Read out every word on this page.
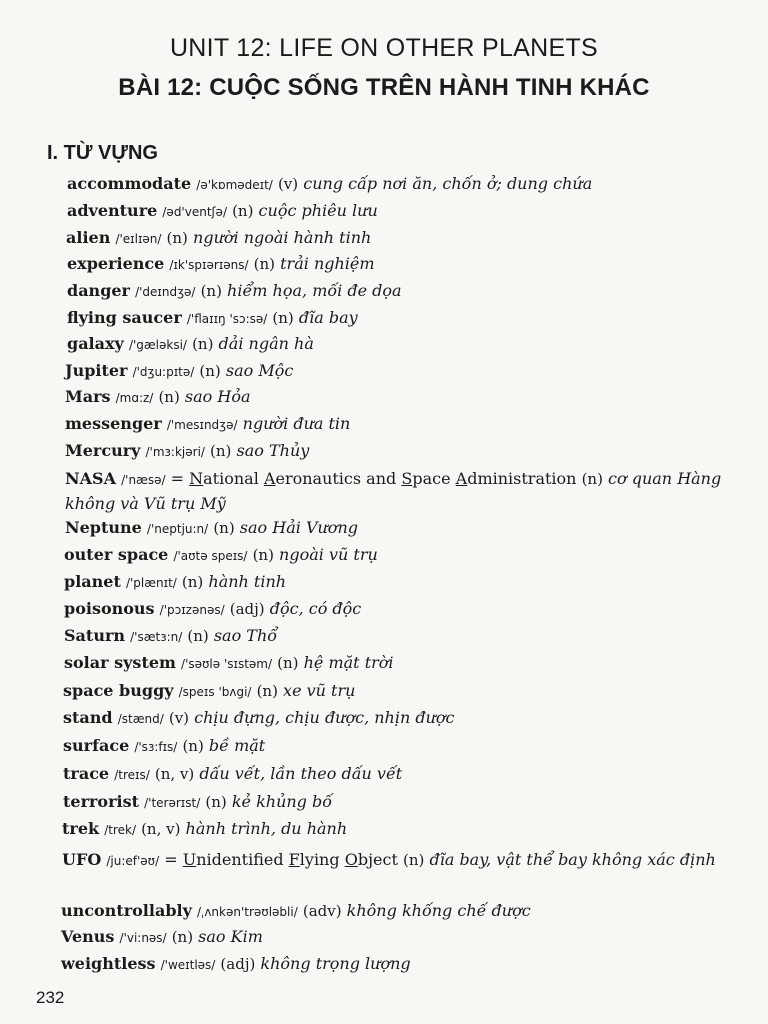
UNIT 12: LIFE ON OTHER PLANETS
BÀI 12: CUỘC SỐNG TRÊN HÀNH TINH KHÁC
I. TỪ VỰNG
accommodate /ə'kɒmədeɪt/ (v) cung cấp nơi ăn, chốn ở; dung chứa
adventure /əd'ventʃə/ (n) cuộc phiêu lưu
alien /'eɪlɪən/ (n) người ngoài hành tinh
experience /ɪk'spɪərɪəns/ (n) trải nghiệm
danger /'deɪndʒə/ (n) hiểm họa, mối đe dọa
flying saucer /'flaɪɪŋ 'sɔ:sə/ (n) đĩa bay
galaxy /'gæləksi/ (n) dải ngân hà
Jupiter /'dʒu:pɪtə/ (n) sao Mộc
Mars /mɑ:z/ (n) sao Hỏa
messenger /'mesɪndʒə/ người đưa tin
Mercury /'mɜ:kjəri/ (n) sao Thủy
NASA /'næsə/ = National Aeronautics and Space Administration (n) cơ quan Hàng không và Vũ trụ Mỹ
Neptune /'neptju:n/ (n) sao Hải Vương
outer space /'aʊtə speɪs/ (n) ngoài vũ trụ
planet /'plænɪt/ (n) hành tinh
poisonous /'pɔɪzənəs/ (adj) độc, có độc
Saturn /'sætɜ:n/ (n) sao Thổ
solar system /'səʊlə 'sɪstəm/ (n) hệ mặt trời
space buggy /speɪs 'bʌgi/ (n) xe vũ trụ
stand /stænd/ (v) chịu đựng, chịu được, nhịn được
surface /'sɜ:fɪs/ (n) bề mặt
trace /treɪs/ (n, v) dấu vết, lần theo dấu vết
terrorist /'terərɪst/ (n) kẻ khủng bố
trek /trek/ (n, v) hành trình, du hành
UFO /ju:ef'əʊ/ = Unidentified Flying Object (n) đĩa bay, vật thể bay không xác định
uncontrollably /ˌʌnkən'trəʊləbli/ (adv) không khống chế được
Venus /'vi:nəs/ (n) sao Kim
weightless /'weɪtləs/ (adj) không trọng lượng
232
